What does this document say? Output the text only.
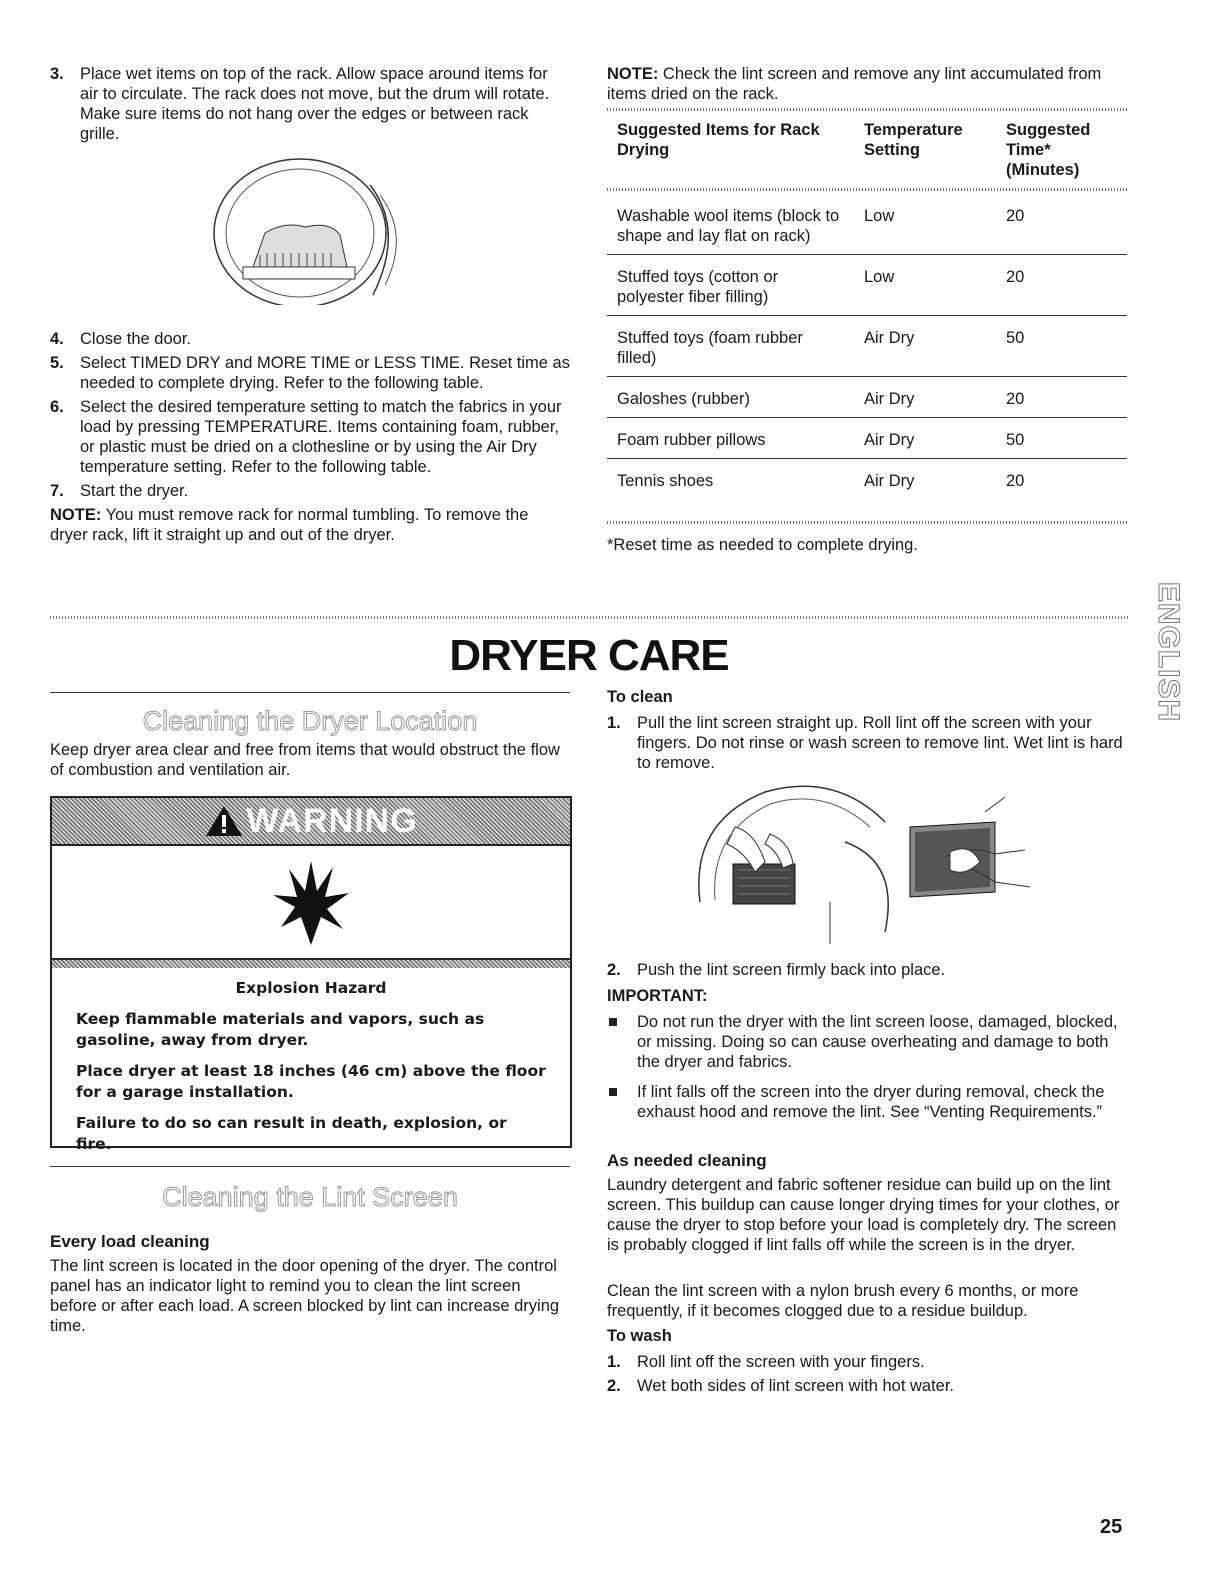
3. Place wet items on top of the rack. Allow space around items for air to circulate. The rack does not move, but the drum will rotate. Make sure items do not hang over the edges or between rack grille.
4. Close the door.
5. Select TIMED DRY and MORE TIME or LESS TIME. Reset time as needed to complete drying. Refer to the following table.
6. Select the desired temperature setting to match the fabrics in your load by pressing TEMPERATURE. Items containing foam, rubber, or plastic must be dried on a clothesline or by using the Air Dry temperature setting. Refer to the following table.
7. Start the dryer.
NOTE: You must remove rack for normal tumbling. To remove the dryer rack, lift it straight up and out of the dryer.
NOTE: Check the lint screen and remove any lint accumulated from items dried on the rack.
Suggested Items for Rack Drying	Temperature Setting	Suggested Time* (Minutes)

Washable wool items (block to shape and lay flat on rack)	Low	20
Stuffed toys (cotton or polyester fiber filling)	Low	20
Stuffed toys (foam rubber filled)	Air Dry	50
Galoshes (rubber)	Air Dry	20
Foam rubber pillows	Air Dry	50
Tennis shoes	Air Dry	20
*Reset time as needed to complete drying.
DRYER CARE	ENGLISH
Cleaning the Dryer Location
Keep dryer area clear and free from items that would obstruct the flow of combustion and ventilation air.
WARNING
Explosion Hazard
Keep flammable materials and vapors, such as gasoline, away from dryer.
Place dryer at least 18 inches (46 cm) above the floor for a garage installation.
Failure to do so can result in death, explosion, or fire.
Cleaning the Lint Screen
Every load cleaning
The lint screen is located in the door opening of the dryer. The control panel has an indicator light to remind you to clean the lint screen before or after each load. A screen blocked by lint can increase drying time.
To clean
1. Pull the lint screen straight up. Roll lint off the screen with your fingers. Do not rinse or wash screen to remove lint. Wet lint is hard to remove.
2. Push the lint screen firmly back into place.
IMPORTANT:
Do not run the dryer with the lint screen loose, damaged, blocked, or missing. Doing so can cause overheating and damage to both the dryer and fabrics.
If lint falls off the screen into the dryer during removal, check the exhaust hood and remove the lint. See “Venting Requirements.”
As needed cleaning
Laundry detergent and fabric softener residue can build up on the lint screen. This buildup can cause longer drying times for your clothes, or cause the dryer to stop before your load is completely dry. The screen is probably clogged if lint falls off while the screen is in the dryer.
Clean the lint screen with a nylon brush every 6 months, or more frequently, if it becomes clogged due to a residue buildup.
To wash
1. Roll lint off the screen with your fingers.
2. Wet both sides of lint screen with hot water.
25
